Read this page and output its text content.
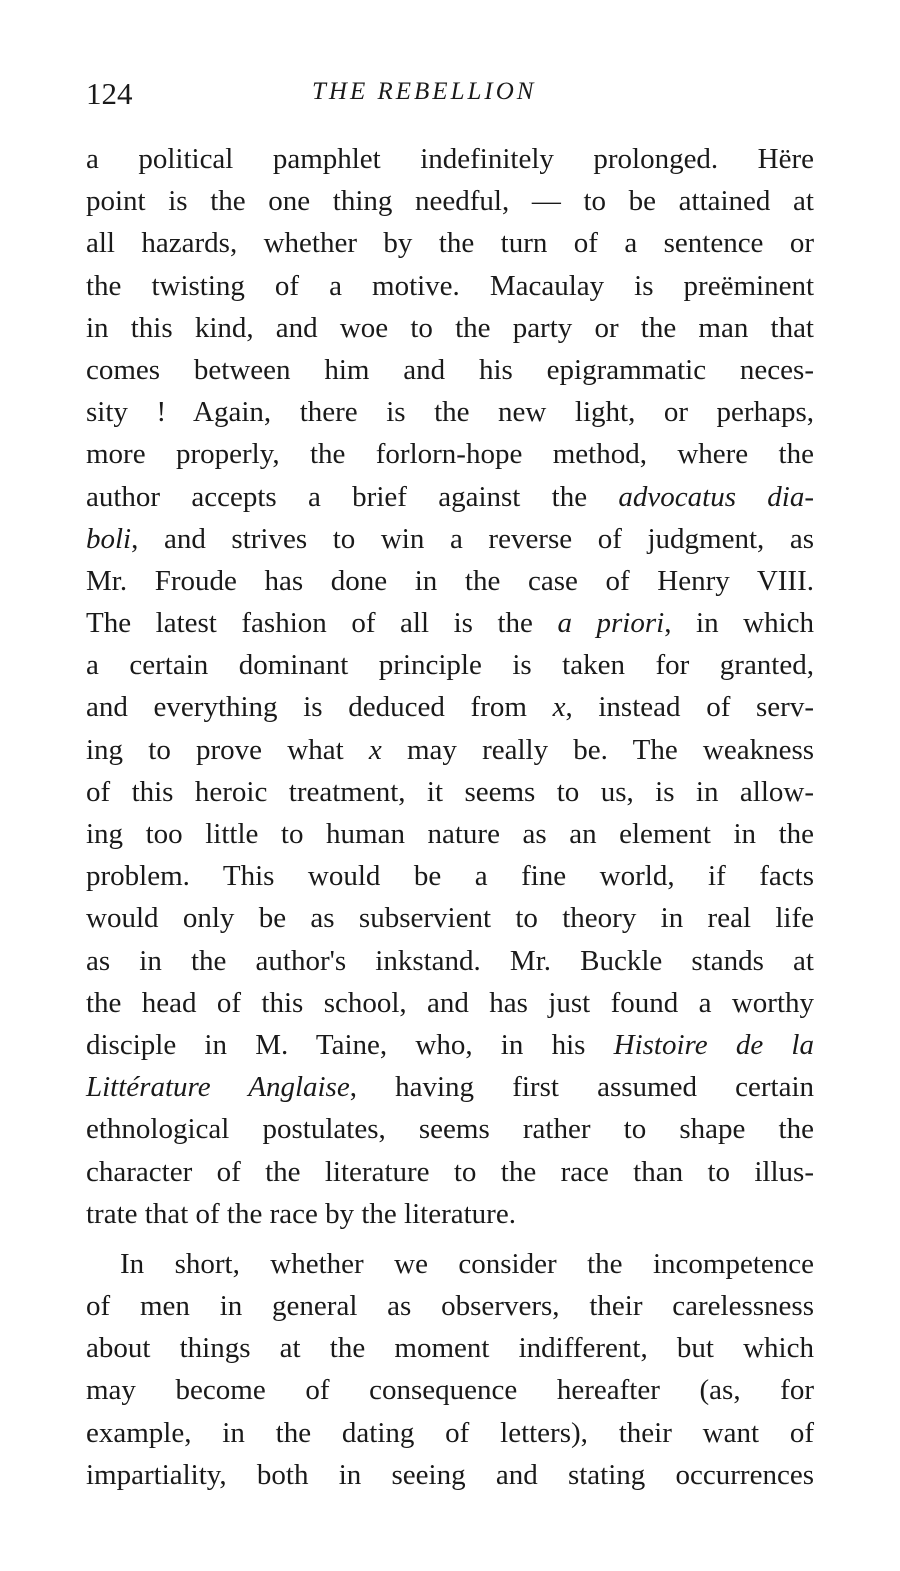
124	THE REBELLION
a political pamphlet indefinitely prolonged. Hëre
point is the one thing needful, — to be attained at
all hazards, whether by the turn of a sentence or
the twisting of a motive. Macaulay is preëminent
in this kind, and woe to the party or the man that
comes between him and his epigrammatic neces-
sity ! Again, there is the new light, or perhaps,
more properly, the forlorn-hope method, where the
author accepts a brief against the advocatus dia-
boli, and strives to win a reverse of judgment, as
Mr. Froude has done in the case of Henry VIII.
The latest fashion of all is the a priori, in which
a certain dominant principle is taken for granted,
and everything is deduced from x, instead of serv-
ing to prove what x may really be. The weakness
of this heroic treatment, it seems to us, is in allow-
ing too little to human nature as an element in the
problem. This would be a fine world, if facts
would only be as subservient to theory in real life
as in the author's inkstand. Mr. Buckle stands at
the head of this school, and has just found a worthy
disciple in M. Taine, who, in his Histoire de la
Littérature Anglaise, having first assumed certain
ethnological postulates, seems rather to shape the
character of the literature to the race than to illus-
trate that of the race by the literature.
In short, whether we consider the incompetence
of men in general as observers, their carelessness
about things at the moment indifferent, but which
may become of consequence hereafter (as, for
example, in the dating of letters), their want of
impartiality, both in seeing and stating occurrences
